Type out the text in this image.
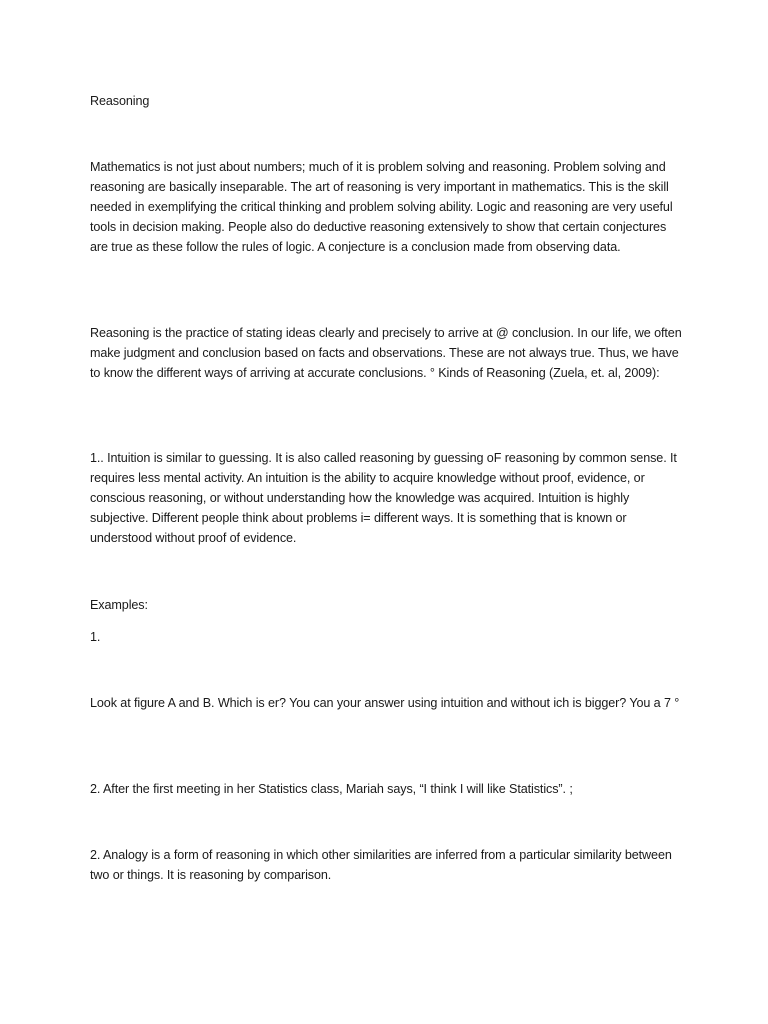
Reasoning

Mathematics is not just about numbers; much of it is problem solving and reasoning. Problem solving and reasoning are basically inseparable. The art of reasoning is very important in mathematics. This is the skill needed in exemplifying the critical thinking and problem solving ability. Logic and reasoning are very useful tools in decision making. People also do deductive reasoning extensively to show that certain conjectures are true as these follow the rules of logic. A conjecture is a conclusion made from observing data.

Reasoning is the practice of stating ideas clearly and precisely to arrive at @ conclusion. In our life, we often make judgment and conclusion based on facts and observations. These are not always true. Thus, we have to know the different ways of arriving at accurate conclusions. ° Kinds of Reasoning (Zuela, et. al, 2009):

1.. Intuition is similar to guessing. It is also called reasoning by guessing oF reasoning by common sense. It requires less mental activity. An intuition is the ability to acquire knowledge without proof, evidence, or conscious reasoning, or without understanding how the knowledge was acquired. Intuition is highly subjective. Different people think about problems i= different ways. It is something that is known or understood without proof of evidence.

Examples:

1.

Look at figure A and B. Which is er? You can your answer using intuition and without ich is bigger? You a 7 °

2. After the first meeting in her Statistics class, Mariah says, “I think I will like Statistics”. ;

2. Analogy is a form of reasoning in which other similarities are inferred from a particular similarity between two or things. It is reasoning by comparison.
